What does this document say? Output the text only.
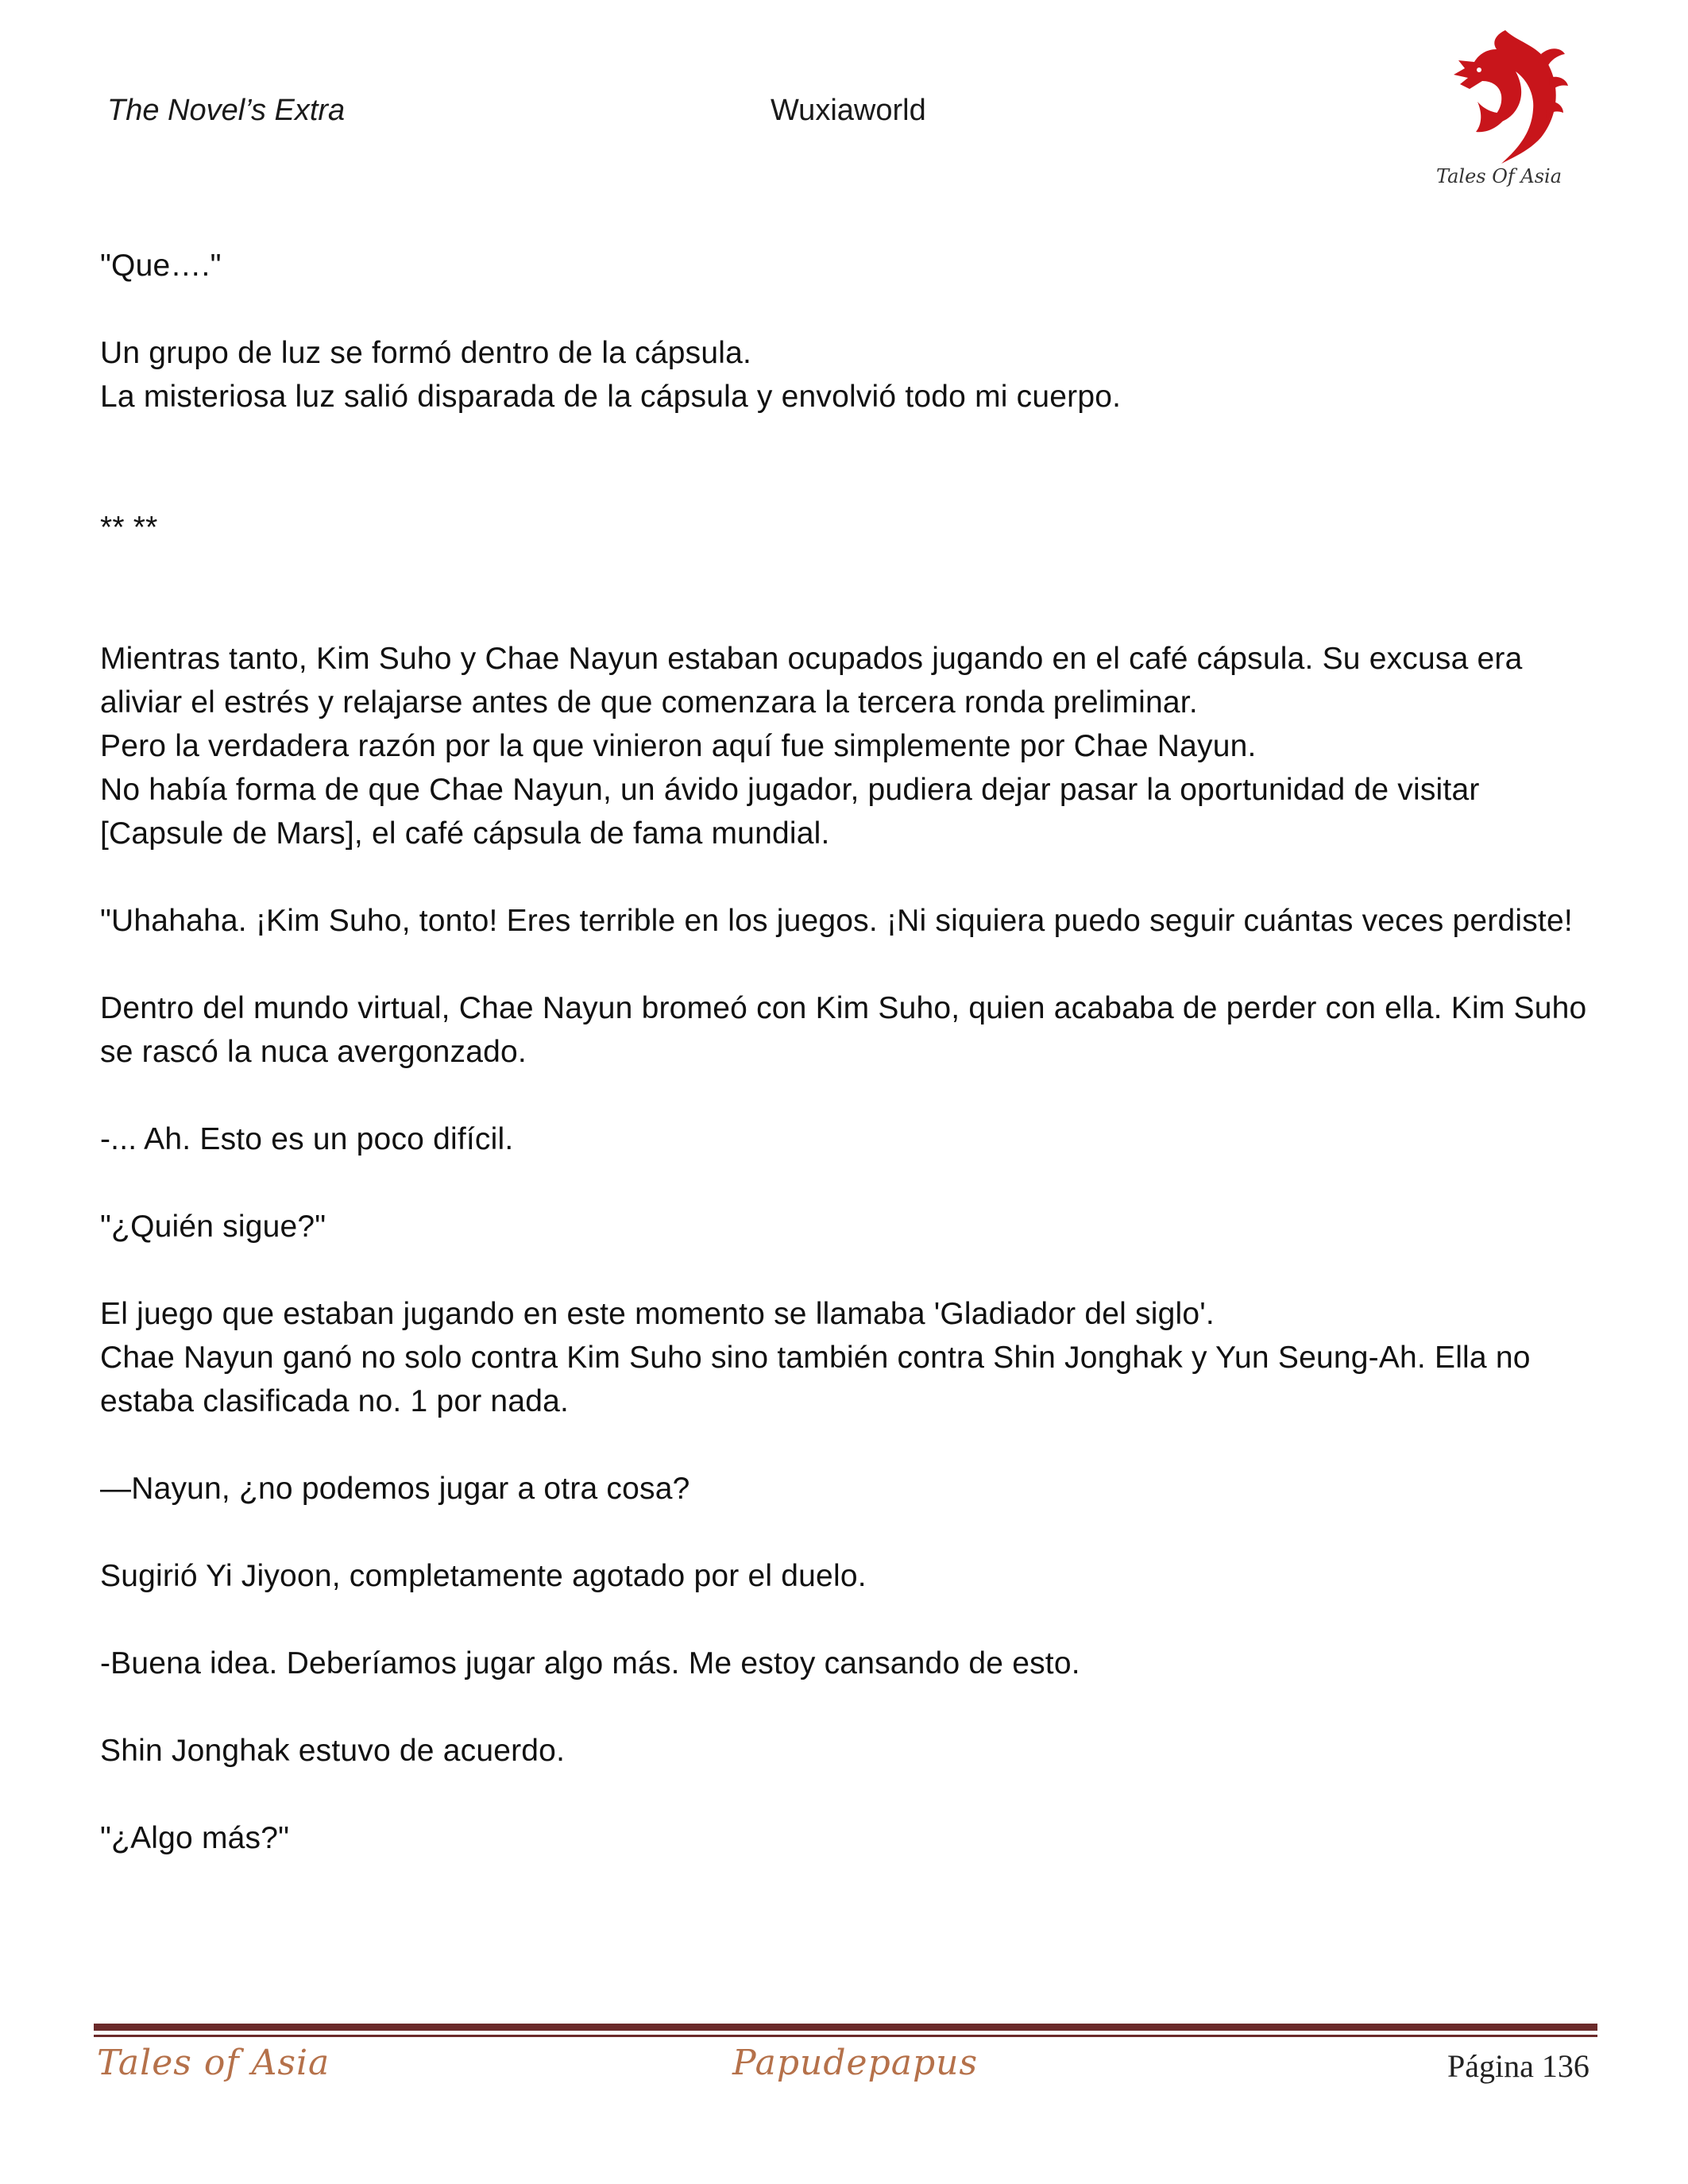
The Novel’s Extra	Wuxiaworld
Tales Of Asia

"Que…."

Un grupo de luz se formó dentro de la cápsula.

La misteriosa luz salió disparada de la cápsula y envolvió todo mi cuerpo.

** **

Mientras tanto, Kim Suho y Chae Nayun estaban ocupados jugando en el café cápsula. Su excusa era aliviar el estrés y relajarse antes de que comenzara la tercera ronda preliminar.

Pero la verdadera razón por la que vinieron aquí fue simplemente por Chae Nayun.

No había forma de que Chae Nayun, un ávido jugador, pudiera dejar pasar la oportunidad de visitar [Capsule de Mars], el café cápsula de fama mundial.

"Uhahaha. ¡Kim Suho, tonto! Eres terrible en los juegos. ¡Ni siquiera puedo seguir cuántas veces perdiste!

Dentro del mundo virtual, Chae Nayun bromeó con Kim Suho, quien acababa de perder con ella. Kim Suho se rascó la nuca avergonzado.

-... Ah. Esto es un poco difícil.

"¿Quién sigue?"

El juego que estaban jugando en este momento se llamaba 'Gladiador del siglo'.

Chae Nayun ganó no solo contra Kim Suho sino también contra Shin Jonghak y Yun Seung-Ah. Ella no estaba clasificada no. 1 por nada.

—Nayun, ¿no podemos jugar a otra cosa?

Sugirió Yi Jiyoon, completamente agotado por el duelo.

-Buena idea. Deberíamos jugar algo más. Me estoy cansando de esto.

Shin Jonghak estuvo de acuerdo.

"¿Algo más?"

Tales of Asia	Papudepapus	Página 136
